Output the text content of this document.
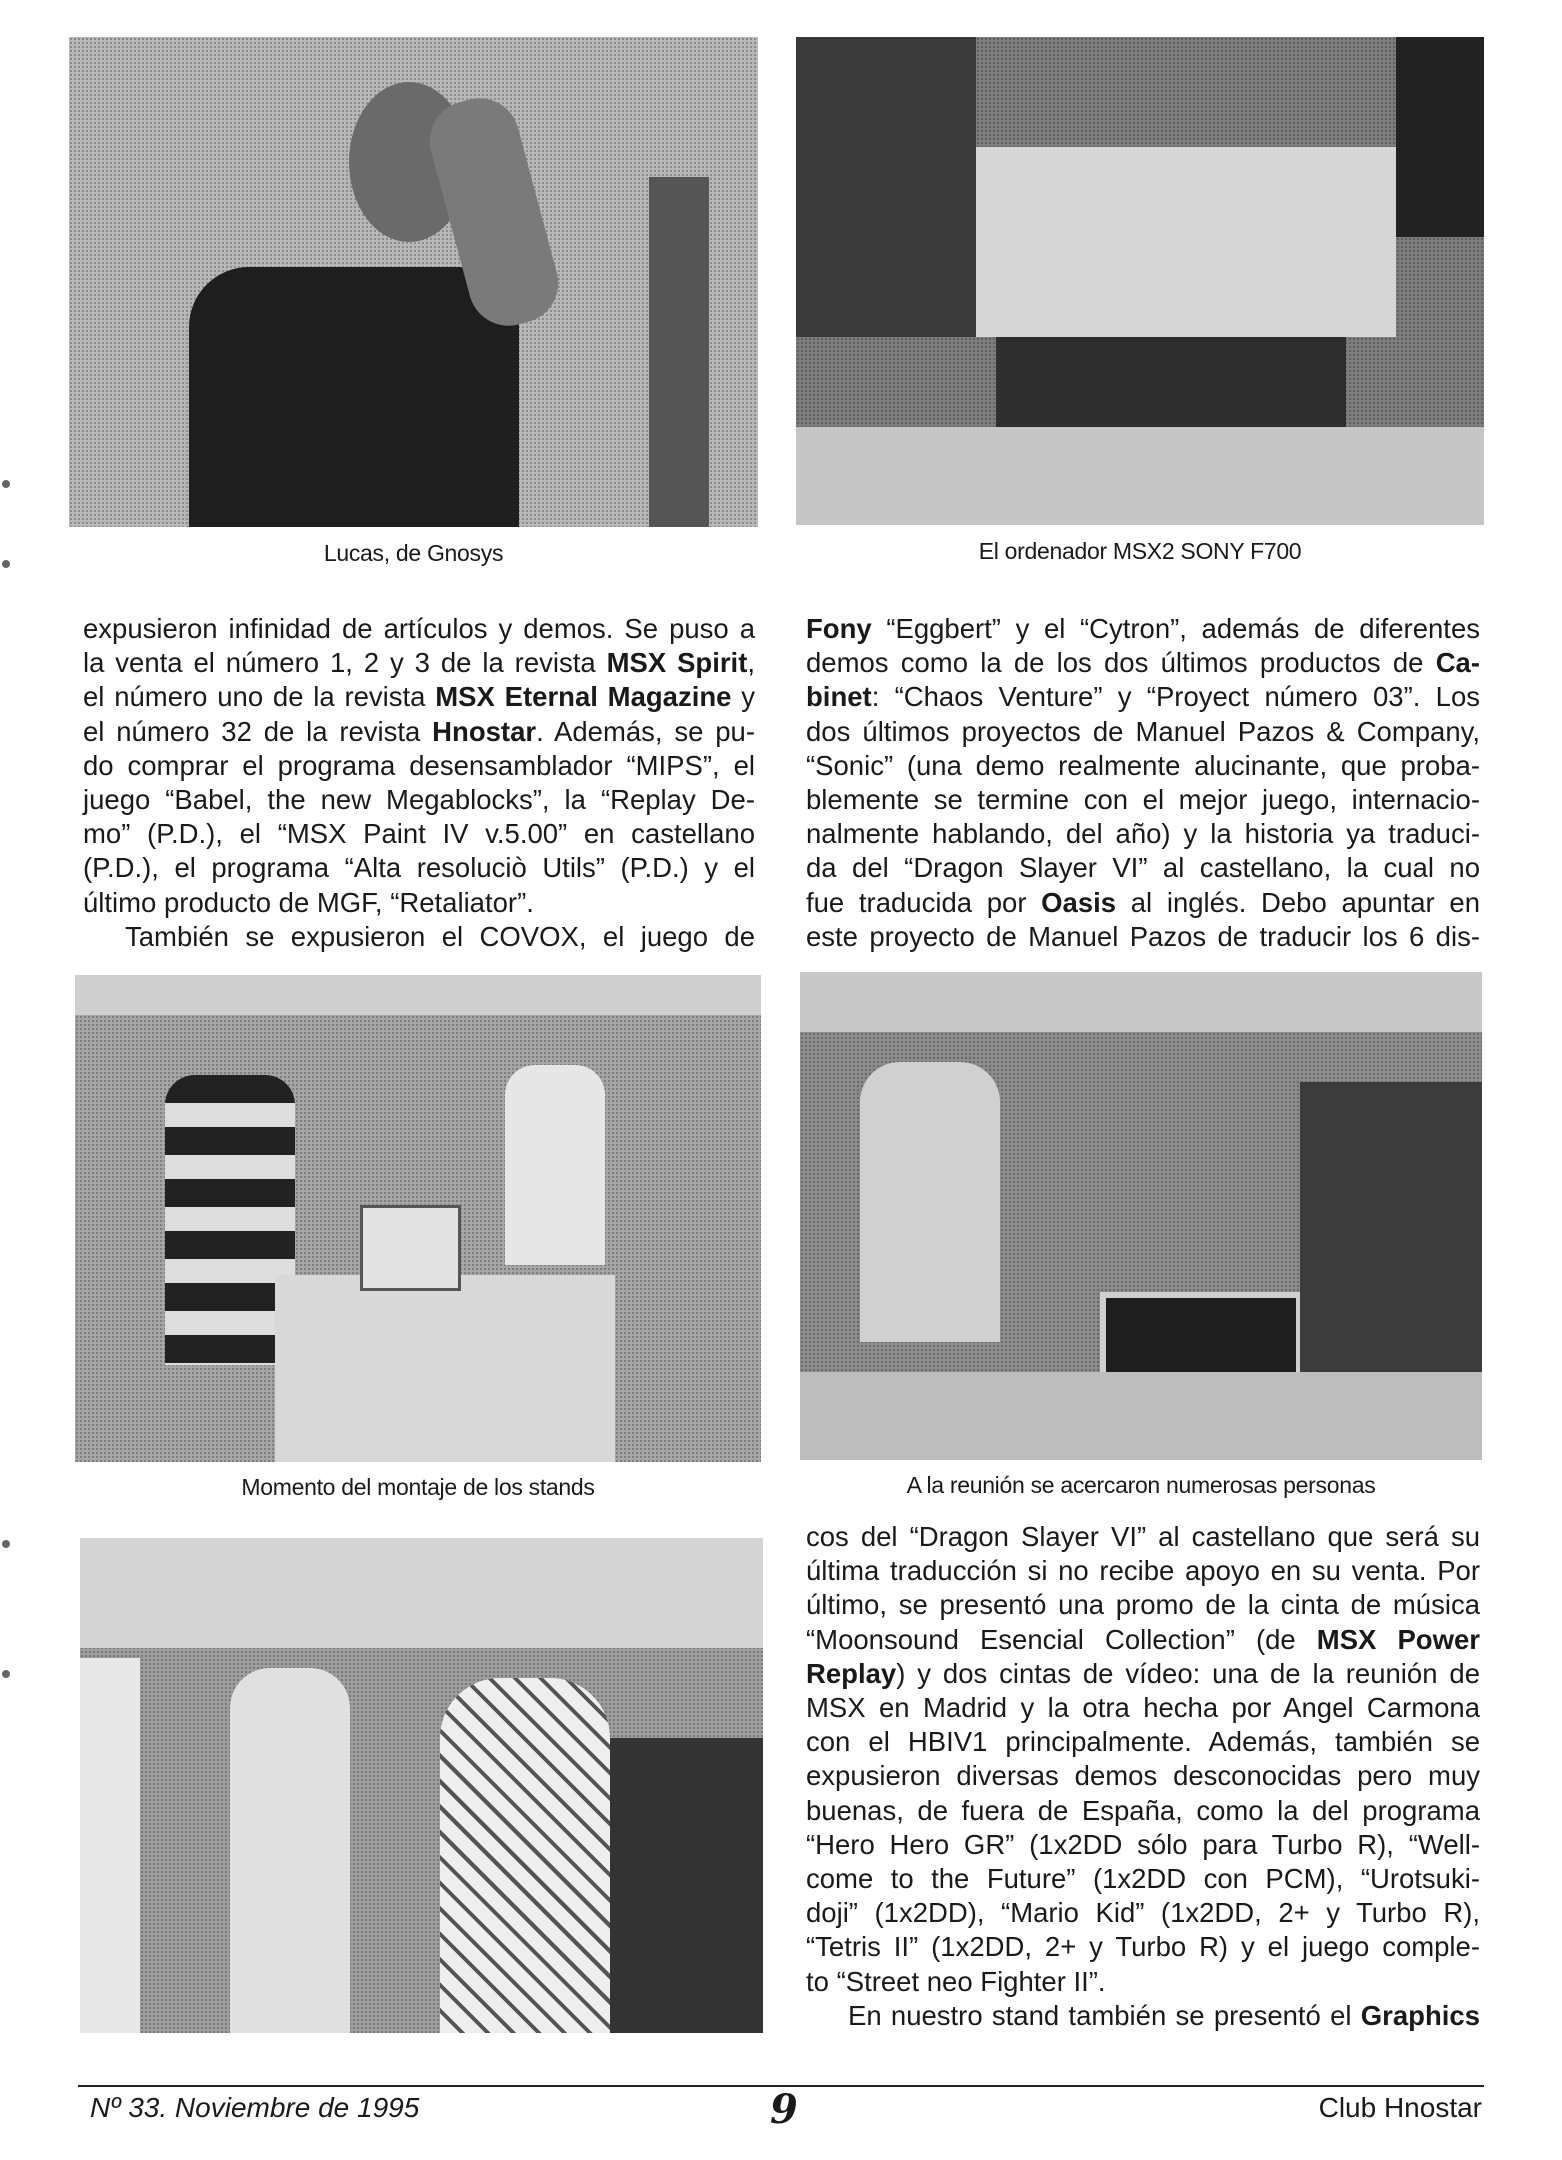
Lucas, de Gnosys	El ordenador MSX2 SONY F700
expusieron infinidad de artículos y demos. Se puso a
la venta el número 1, 2 y 3 de la revista MSX Spirit,
el número uno de la revista MSX Eternal Magazine y
el número 32 de la revista Hnostar. Además, se pu-
do comprar el programa desensamblador “MIPS”, el
juego “Babel, the new Megablocks”, la “Replay De-
mo” (P.D.), el “MSX Paint IV v.5.00” en castellano
(P.D.), el programa “Alta resoluciò Utils” (P.D.) y el
último producto de MGF, “Retaliator”.
También se expusieron el COVOX, el juego de
Fony “Eggbert” y el “Cytron”, además de diferentes
demos como la de los dos últimos productos de Ca-
binet: “Chaos Venture” y “Proyect número 03”. Los
dos últimos proyectos de Manuel Pazos & Company,
“Sonic” (una demo realmente alucinante, que proba-
blemente se termine con el mejor juego, internacio-
nalmente hablando, del año) y la historia ya traduci-
da del “Dragon Slayer VI” al castellano, la cual no
fue traducida por Oasis al inglés. Debo apuntar en
este proyecto de Manuel Pazos de traducir los 6 dis-
Momento del montaje de los stands	A la reunión se acercaron numerosas personas
cos del “Dragon Slayer VI” al castellano que será su
última traducción si no recibe apoyo en su venta. Por
último, se presentó una promo de la cinta de música
“Moonsound Esencial Collection” (de MSX Power
Replay) y dos cintas de vídeo: una de la reunión de
MSX en Madrid y la otra hecha por Angel Carmona
con el HBIV1 principalmente. Además, también se
expusieron diversas demos desconocidas pero muy
buenas, de fuera de España, como la del programa
“Hero Hero GR” (1x2DD sólo para Turbo R), “Well-
come to the Future” (1x2DD con PCM), “Urotsuki-
doji” (1x2DD), “Mario Kid” (1x2DD, 2+ y Turbo R),
“Tetris II” (1x2DD, 2+ y Turbo R) y el juego comple-
to “Street neo Fighter II”.
En nuestro stand también se presentó el Graphics
Nº 33. Noviembre de 1995	9	Club Hnostar
